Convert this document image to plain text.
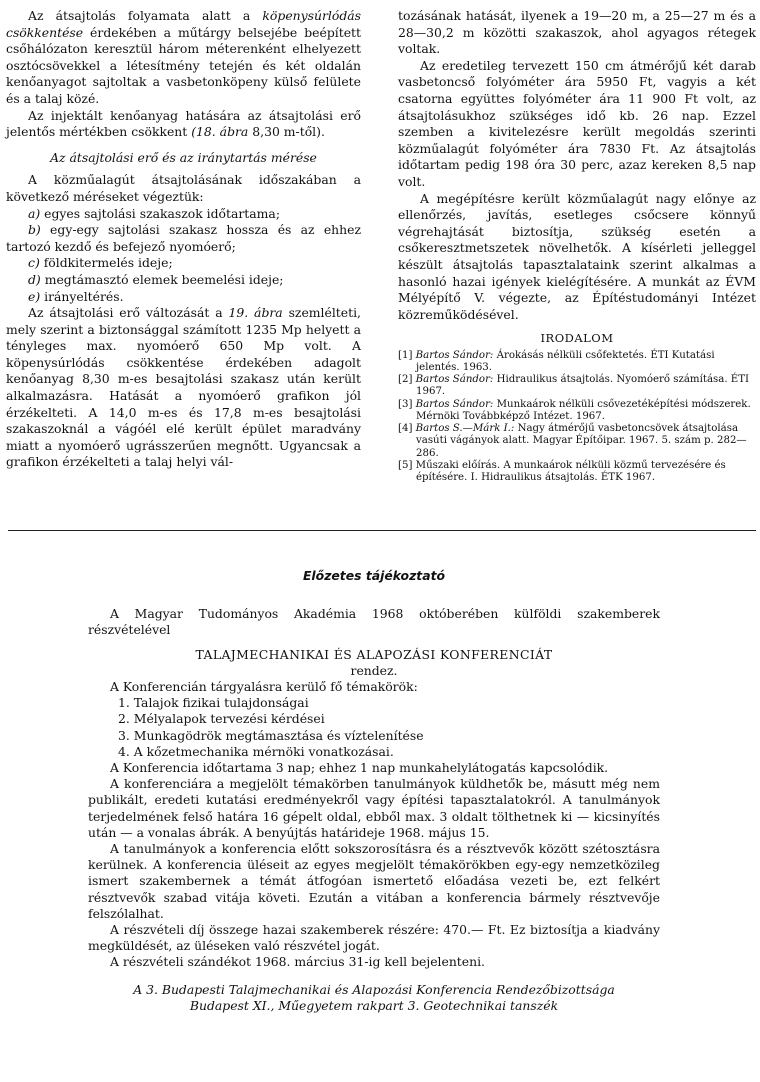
Az átsajtolás folyamata alatt a köpenysúrlódás csökkentése érdekében a műtárgy belsejébe beépített csőhálózaton keresztül három méterenként elhelyezett osztócsövekkel a létesítmény tetején és két oldalán kenőanyagot sajtoltak a vasbetonköpeny külső felülete és a talaj közé.

Az injektált kenőanyag hatására az átsajtolási erő jelentős mértékben csökkent (18. ábra 8,30 m-től).

Az átsajtolási erő és az iránytartás mérése

A közműalagút átsajtolásának időszakában a következő méréseket végeztük:

a) egyes sajtolási szakaszok időtartama;

b) egy-egy sajtolási szakasz hossza és az ehhez tartozó kezdő és befejező nyomóerő;

c) földkitermelés ideje;

d) megtámasztó elemek beemelési ideje;

e) irányeltérés.

Az átsajtolási erő változását a 19. ábra szemlélteti, mely szerint a biztonsággal számított 1235 Mp helyett a tényleges max. nyomóerő 650 Mp volt. A köpenysúrlódás csökkentése érdekében adagolt kenőanyag 8,30 m-es besajtolási szakasz után került alkalmazásra. Hatását a nyomóerő grafikon jól érzékelteti. A 14,0 m-es és 17,8 m-es besajtolási szakaszoknál a vágóél elé került épület maradvány miatt a nyomóerő ugrásszerűen megnőtt. Ugyancsak a grafikon érzékelteti a talaj helyi vál-

tozásának hatását, ilyenek a 19—20 m, a 25—27 m és a 28—30,2 m közötti szakaszok, ahol agyagos rétegek voltak.

Az eredetileg tervezett 150 cm átmérőjű két darab vasbetoncső folyóméter ára 5950 Ft, vagyis a két csatorna együttes folyóméter ára 11 900 Ft volt, az átsajtolásukhoz szükséges idő kb. 26 nap. Ezzel szemben a kivitelezésre került megoldás szerinti közműalagút folyóméter ára 7830 Ft. Az átsajtolás időtartam pedig 198 óra 30 perc, azaz kereken 8,5 nap volt.

A megépítésre került közműalagút nagy előnye az ellenőrzés, javítás, esetleges csőcsere könnyű végrehajtását biztosítja, szükség esetén a csőkeresztmetszetek növelhetők. A kísérleti jelleggel készült átsajtolás tapasztalataink szerint alkalmas a hasonló hazai igények kielégítésére. A munkát az ÉVM Mélyépítő V. végezte, az Építéstudományi Intézet közreműködésével.

IRODALOM

[1] Bartos Sándor: Árokásás nélküli csőfektetés. ÉTI Kutatási jelentés. 1963.

[2] Bartos Sándor: Hidraulikus átsajtolás. Nyomóerő számítása. ÉTI 1967.

[3] Bartos Sándor: Munkaárok nélküli csővezetéképítési módszerek. Mérnöki Továbbképző Intézet. 1967.

[4] Bartos S.—Márk I.: Nagy átmérőjű vasbetoncsövek átsajtolása vasúti vágányok alatt. Magyar Építőipar. 1967. 5. szám p. 282—286.

[5] Műszaki előírás. A munkaárok nélküli közmű tervezésére és építésére. I. Hidraulikus átsajtolás. ÉTK 1967.

Előzetes tájékoztató

A Magyar Tudományos Akadémia 1968 októberében külföldi szakemberek részvételével

TALAJMECHANIKAI ÉS ALAPOZÁSI KONFERENCIÁT

rendez.

A Konferencián tárgyalásra kerülő fő témakörök:

1. Talajok fizikai tulajdonságai

2. Mélyalapok tervezési kérdései

3. Munkagödrök megtámasztása és víztelenítése

4. A kőzetmechanika mérnöki vonatkozásai.

A Konferencia időtartama 3 nap; ehhez 1 nap munkahelylátogatás kapcsolódik.

A konferenciára a megjelölt témakörben tanulmányok küldhetők be, másutt még nem publikált, eredeti kutatási eredményekről vagy építési tapasztalatokról. A tanulmányok terjedelmének felső határa 16 gépelt oldal, ebből max. 3 oldalt tölthetnek ki — kicsinyítés után — a vonalas ábrák. A benyújtás határideje 1968. május 15.

A tanulmányok a konferencia előtt sokszorosításra és a résztvevők között szétosztásra kerülnek. A konferencia üléseit az egyes megjelölt témakörökben egy-egy nemzetközileg ismert szakembernek a témát átfogóan ismertető előadása vezeti be, ezt felkért résztvevők szabad vitája követi. Ezután a vitában a konferencia bármely résztvevője felszólalhat.

A részvételi díj összege hazai szakemberek részére: 470.— Ft. Ez biztosítja a kiadvány megküldését, az üléseken való részvétel jogát.

A részvételi szándékot 1968. március 31-ig kell bejelenteni.

A 3. Budapesti Talajmechanikai és Alapozási Konferencia Rendezőbizottsága

Budapest XI., Műegyetem rakpart 3. Geotechnikai tanszék
